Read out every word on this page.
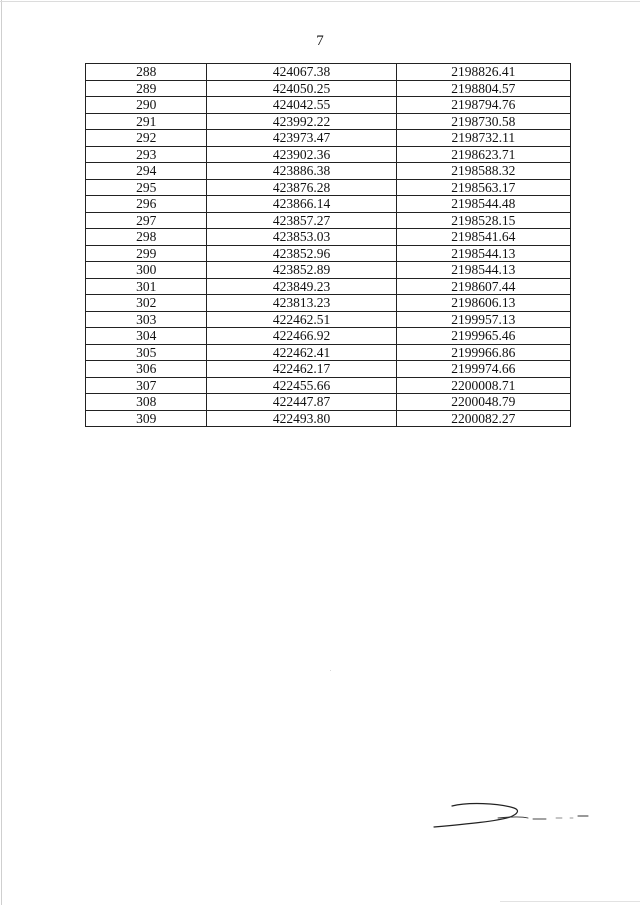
7
288	424067.38	2198826.41
289	424050.25	2198804.57
290	424042.55	2198794.76
291	423992.22	2198730.58
292	423973.47	2198732.11
293	423902.36	2198623.71
294	423886.38	2198588.32
295	423876.28	2198563.17
296	423866.14	2198544.48
297	423857.27	2198528.15
298	423853.03	2198541.64
299	423852.96	2198544.13
300	423852.89	2198544.13
301	423849.23	2198607.44
302	423813.23	2198606.13
303	422462.51	2199957.13
304	422466.92	2199965.46
305	422462.41	2199966.86
306	422462.17	2199974.66
307	422455.66	2200008.71
308	422447.87	2200048.79
309	422493.80	2200082.27
